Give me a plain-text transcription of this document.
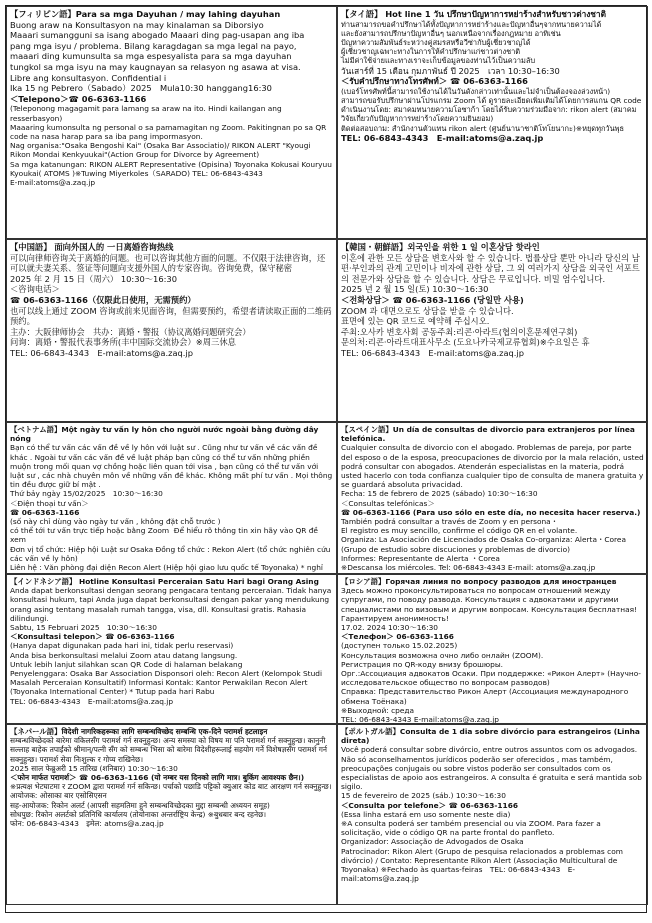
【フィリピン語】Para sa mga Dayuhan / may lahing dayuhan

Buong araw na Konsultasyon na may kinalaman sa Diborsiyo

Maaari sumangguni sa isang abogado Maaari ding pag-usapan ang iba

pang mga isyu / problema. Bilang karagdagan sa mga legal na payo,

maaari ding kumunsulta sa mga espesyalista para sa mga dayuhan

tungkol sa mga isyu na may kaugnayan sa relasyon ng asawa at visa.

Libre ang konsultasyon. Confidential i

Ika 15 ng Pebrero（Sabado）2025　Mula10:30 hanggang16:30

＜Telepono＞☎ 06-6363-1166

(Teleponong magagamit para lamang sa araw na ito. Hindi kailangan ang resserbasyon)

Maaaring kumonsulta ng personal o sa pamamagitan ng Zoom. Pakitingnan po sa QR code na nasa harap para sa iba pang impormasyon.

Nag organisa:"Osaka Bengoshi Kai" (Osaka Bar Associatio)/ RIKON ALERT "Kyougi Rikon Mondai Kenkyuukai"(Action Group for Divorce by Agreement)

Sa mga katanungan: RIKON ALERT Representative (Opisina) Toyonaka Kokusai Kouryuu Kyoukai( ATOMS )※Tuwing Miyerkoles（SARADO) TEL: 06-6843-4343

E-mail:atoms@a.zaq.jp

【タイ語】 Hot line 1 วัน ปรึกษาปัญหาการหย่าร้างสำหรับชาวต่างชาติ

ท่านสามารถขอคำปรึกษาได้ทั้งปัญหาการหย่าร้างและปัญหาอื่นๆจากทนายความได้

และยังสามารถปรึกษาปัญหาอื่นๆ นอกเหนือจากเรื่องกฎหมาย อาทิเช่น

ปัญหาความสัมพันธ์ระหว่างคู่สมรสหรือวีซ่ากับผู้เชี่ยวชาญได้

ผู้เชี่ยวชาญเฉพาะทางในการให้คำปรึกษาแก่ชาวต่างชาติ

ไม่มีค่าใช้จ่ายและทางเราจะเก็บข้อมูลของท่านไว้เป็นความลับ

วันเสาร์ที่ 15 เดือน กุมภาพันธ์ ปี 2025　เวลา 10:30–16:30

＜รับคำปรึกษาทางโทรศัพท์＞ ☎ 06-6363-1166

(เบอร์โทรศัพท์นี้สามารถใช้งานได้ในวันดังกล่าวเท่านั้นและไม่จำเป็นต้องจองล่วงหน้า)

สามารถขอรับปรึกษาผ่านโปรแกรม Zoom ได้ ดูรายละเอียดเพิ่มเติมได้โดยการสแกน QR code

ดำเนินงานโดย: สมาคมทนายความโอซาก้า โดยได้รับความร่วมมือจาก: rikon alert (สมาคมวิจัยเกี่ยวกับปัญหาการหย่าร้างโดยความยินยอม)

ติดต่อสอบถาม: สำนักงานตัวแทน rikon alert (ศูนย์นานาชาติโทโยนากะ)※หยุดทุกวันพุธ

TEL: 06-6843-4343　E-mail:atoms@a.zaq.jp

【中国語】 面向外国人的 一日离婚咨询热线

可以向律师咨询关于离婚的问题。也可以咨询其他方面的问题。不仅限于法律咨询，还可以就夫妻关系、签证等问题向支援外国人的专家咨询。咨询免费，保守秘密

2025 年 2 月 15 日（周六） 10:30～16:30

＜咨询电话＞

☎ 06-6363-1166（仅限此日使用，无需预约）

也可以线上通过 ZOOM 咨询或前来见面咨询，但需要预约，希望者请读取正面的二维码预约。

主办：大阪律师协会　共办：离婚・警报（协议离婚问题研究会）

问询：离婚・警报代表事务所(丰中国际交流协会）※周三休息

TEL: 06-6843-4343　E-mail:atoms@a.zaq.jp

【韓国・朝鮮語】외국인을 위한 1 일 이혼상담 핫라인

이혼에 관한 모든 상담을 변호사와 할 수 있습니다. 법률상담 뿐만 아니라 당신의 남편·부인과의 관계 고민이나 비자에 관한 상담, 그 외 여러가지 상담을 외국인 서포트의 전문가와 상담을 할 수 있습니다. 상담은 무료입니다. 비밀 엄수입니다.

2025 년 2 월 15 일(토) 10:30～16:30

＜전화상담＞ ☎ 06-6363-1166 (당일만 사용)

ZOOM 과 대면으로도 상담을 받을 수 있습니다.

표면에 있는 QR 코드로 예약해 주십시오.

주최:오사카 변호사회 공동주최:리콘·아라트(협의이혼문제연구회)

문의처:리콘·아라트대표사무소 (도요나카국제교류협회)※수요일은 휴

TEL: 06-6843-4343　E-mail:atoms@a.zaq.jp

【ベトナム語】Một ngày tư vấn ly hôn cho người nước ngoài bằng đường dây nóng

Bạn có thể tư vấn các vấn đề về ly hôn với luật sư . Cũng như tư vấn về các vấn đề khác . Ngoài tư vấn các vấn đề về luật pháp bạn cũng có thể tư vấn những phiền muộn trong mối quan vợ chồng hoặc liên quan tới visa , bạn cũng có thể tư vấn với luật sư , các nhà chuyên môn về những vấn đề khác. Không mất phí tư vấn . Mọi thông tin đều được giữ bí mật .

Thứ bảy ngày 15/02/2025　10:30～16:30

＜Điện thoại tư vấn＞

☎ 06-6363-1166

(số này chỉ dùng vào ngày tư vấn , không đặt chỗ trước )

có thể tới tư vấn trực tiếp hoặc bằng Zoom  Để hiểu rõ thông tin xin hãy vào QR đề xem

Đơn vị tổ chức: Hiệp hội Luật sư Osaka Đồng tổ chức : Rekon Alert (tổ chức nghiên cứu các vấn về ly hôn)

Liên hệ : Văn phòng đại diện Recon Alert (Hiệp hội giao lưu quốc tế Toyonaka) * nghỉ

【スペイン語】Un día de consultas de divorcio para extranjeros por línea telefónica.

Cualquier consulta de divorcio con el abogado. Problemas de pareja, por parte del esposo o de la esposa, preocupaciones de divorcio por la mala relación, usted podrá consultar con abogados. Atenderán especialistas en la materia, podrá usted hacerlo con toda confianza cualquier tipo de consulta de manera gratuita y se guardará absoluta privacidad.

Fecha: 15 de febrero de 2025 (sábado) 10:30～16:30

＜Consultas telefónicas＞

☎ 06-6363-1166 (Para uso sólo en este día, no necesita hacer reserva.)

También podrá consultar a través de Zoom y en persona・

El registro es muy sencillo, confirme el código QR en el volante.

Organiza: La Asociación de Licenciados de Osaka Co-organiza: Alerta・Corea (Grupo de estudio sobre discuciones y problemas de divorcio)

Informes: Representante de Alerta ・Corea

※Descansa los miércoles. Tel: 06-6843-4343 E-mail: atoms@a.zaq.jp

【インドネシア語】 Hotline Konsultasi Perceraian Satu Hari bagi Orang Asing

Anda dapat berkonsultasi dengan seorang pengacara tentang perceraian. Tidak hanya konsultasi hukum, tapi Anda juga dapat berkonsultasi dengan pakar yang mendukung orang asing tentang masalah rumah tangga, visa, dll. Konsultasi gratis. Rahasia dilindungi.

Sabtu, 15 Februari 2025　10:30～16:30

＜Konsultasi telepon＞ ☎ 06-6363-1166

(Hanya dapat digunakan pada hari ini, tidak perlu reservasi)

Anda bisa berkonsultasi melalui Zoom atau datang langsung.

Untuk lebih lanjut silahkan scan QR Code di halaman belakang

Penyelenggara: Osaka Bar Association Disponsori oleh: Recon Alert (Kelompok Studi Masalah Perceraian Konsultatif) Informasi Kontak: Kantor Perwakilan Recon Alert (Toyonaka International Center) * Tutup pada hari Rabu

TEL: 06-6843-4343　E-mail:atoms@a.zaq.jp

【ロシア語】Горячая линия по вопросу разводов для иностранцев

Здесь можно проконсультироваться по вопросам отношений между супругами, по поводу развода. Консультация с адвокатами и другими специалистами по визовым и другим вопросам. Консультация бесплатная! Гарантируем анонимность!

17.02. 2024 10:30～16:30

＜Телефон＞ 06-6363-1166

(доступен только 15.02.2025)

Консультация возможна очно либо онлайн (ZOOM).

Регистрация по QR-коду внизу брошюры.

Орг.:Ассоциация адвокатов Осаки. При поддержке: «Рикон Алерт» (Научно-исследовательское общество по вопросам разводов)

Справка: Представительство Рикон Алерт (Ассоциация международного обмена Тоёнака)

※Выходной: среда

TEL: 06-6843-4343 E-mail:atoms@a.zaq.jp

【ネパール語】विदेशी नागरिकहरूका लागि सम्बन्धविच्छेद सम्बन्धि एक-दिने परामर्श हटलाइन

सम्बन्धविच्छेदको बारेमा वकिलसँग परामर्श गर्न सक्नुहुन्छ। अन्य समस्या को विषय मा पनि परामर्श गर्न सक्नुहुन्छ। कानुनी सल्लाह बाहेक तपाईंको श्रीमान्/पत्नी सँग को सम्बन्ध भिसा को बारेमा विदेशीहरूलाई सहयोग गर्ने विशेषज्ञसँग परामर्श गर्न सक्नुहुन्छ। परामर्श सेवा निःशुल्क र गोप्य राखिनेछ।

2025 साल फेब्रुअरी 15 तारिख (शनिबार) 10:30～16:30

＜फोन मार्फत परामर्श＞ ☎ 06-6363-1166 (यो नम्बर यस दिनको लागि मात्र। बुकिंग आवश्यक छैन।)

※प्रत्यक्ष भेटघाटमा र ZOOM द्वारा परामर्श गर्न सकिन्छ। पर्चाको पछाडि पट्टिको क्युआर कोड बाट आरक्षण गर्न सक्नुहुन्छ।

आयोजक: ओसाका बार एसोसिएसन

सह-आयोजक: रिकोन अलर्ट (आपसी सहमतिमा हुने सम्बन्धविच्छेदका मुद्दा सम्बन्धी अध्ययन समूह)

सोधपुछ: रिकोन अलर्टको प्रतिनिधि कार्यालय (तोयोनाका अन्तर्राष्ट्रिय केन्द्र) ※बुधबार बन्द रहनेछ।

फोन: 06-6843-4343　इमेल: atoms@a.zaq.jp

【ポルトガル語】Consulta de 1 dia sobre divórcio para estrangeiros (Linha direta)

Você poderá consultar sobre divórcio, entre outros assuntos com os advogados. Não só aconselhamentos jurídicos poderão ser oferecidos , mas também, preocupações conjugais ou sobre vistos poderão ser consultados com os especialistas de apoio aos estrangeiros. A consulta é gratuita e será mantida sob sigilo.

15 de fevereiro de 2025 (sáb.) 10:30～16:30

＜Consulta por telefone＞ ☎ 06-6363-1166

(Essa linha estará em uso somente neste dia)

※A consulta poderá ser também presencial ou via ZOOM. Para fazer a solicitação, vide o código QR na parte frontal do panfleto.

Organizador: Associação de Advogados de Osaka

Patrocinador: Rikon Alert (Grupo de pesquisa relacionados a problemas com divórcio) / Contato: Representante Rikon Alert (Associação Multicultural de Toyonaka) ※Fechado às quartas-feiras　TEL: 06-6843-4343　E-mail:atoms@a.zaq.jp
